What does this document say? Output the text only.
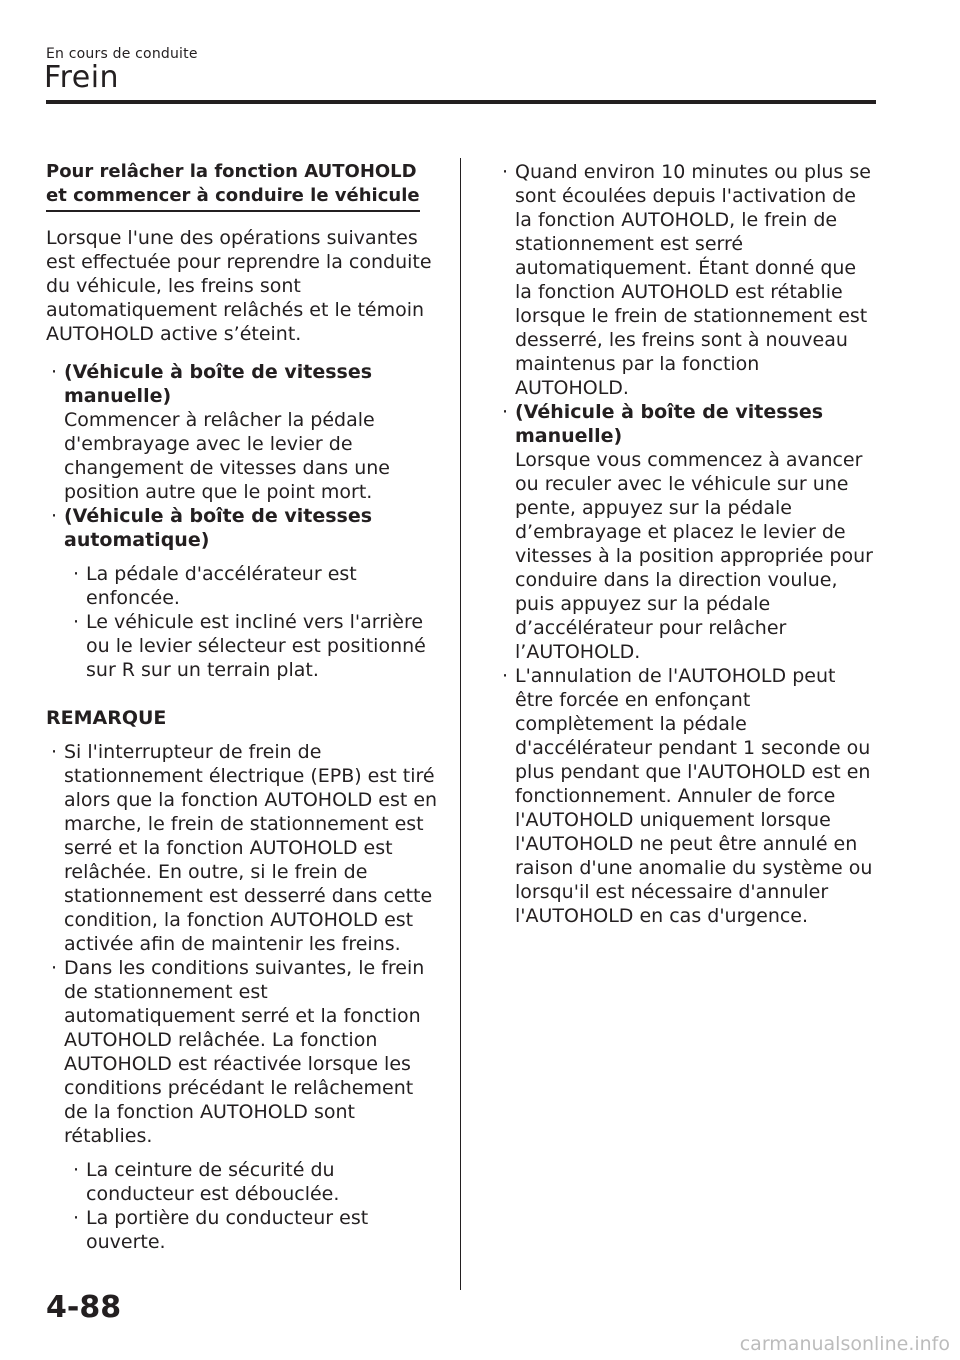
En cours de conduite
Frein
Pour relâcher la fonction AUTOHOLD
et commencer à conduire le véhicule

Lorsque l'une des opérations suivantes est effectuée pour reprendre la conduite du véhicule, les freins sont automatiquement relâchés et le témoin AUTOHOLD active s’éteint.

· (Véhicule à boîte de vitesses manuelle)
Commencer à relâcher la pédale d'embrayage avec le levier de changement de vitesses dans une position autre que le point mort.
· (Véhicule à boîte de vitesses automatique)
· La pédale d'accélérateur est enfoncée.
· Le véhicule est incliné vers l'arrière ou le levier sélecteur est positionné sur R sur un terrain plat.
REMARQUE
· Si l'interrupteur de frein de stationnement électrique (EPB) est tiré alors que la fonction AUTOHOLD est en marche, le frein de stationnement est serré et la fonction AUTOHOLD est relâchée. En outre, si le frein de stationnement est desserré dans cette condition, la fonction AUTOHOLD est activée afin de maintenir les freins.
· Dans les conditions suivantes, le frein de stationnement est automatiquement serré et la fonction AUTOHOLD relâchée. La fonction AUTOHOLD est réactivée lorsque les conditions précédant le relâchement de la fonction AUTOHOLD sont rétablies.
· La ceinture de sécurité du conducteur est débouclée.
· La portière du conducteur est ouverte.
· Quand environ 10 minutes ou plus se sont écoulées depuis l'activation de la fonction AUTOHOLD, le frein de stationnement est serré automatiquement. Étant donné que la fonction AUTOHOLD est rétablie lorsque le frein de stationnement est desserré, les freins sont à nouveau maintenus par la fonction AUTOHOLD.
· (Véhicule à boîte de vitesses manuelle)
Lorsque vous commencez à avancer ou reculer avec le véhicule sur une pente, appuyez sur la pédale d’embrayage et placez le levier de vitesses à la position appropriée pour conduire dans la direction voulue, puis appuyez sur la pédale d’accélérateur pour relâcher l’AUTOHOLD.
· L'annulation de l'AUTOHOLD peut être forcée en enfonçant complètement la pédale d'accélérateur pendant 1 seconde ou plus pendant que l'AUTOHOLD est en fonctionnement. Annuler de force l'AUTOHOLD uniquement lorsque l'AUTOHOLD ne peut être annulé en raison d'une anomalie du système ou lorsqu'il est nécessaire d'annuler l'AUTOHOLD en cas d'urgence.
4-88
carmanualsonline.info
